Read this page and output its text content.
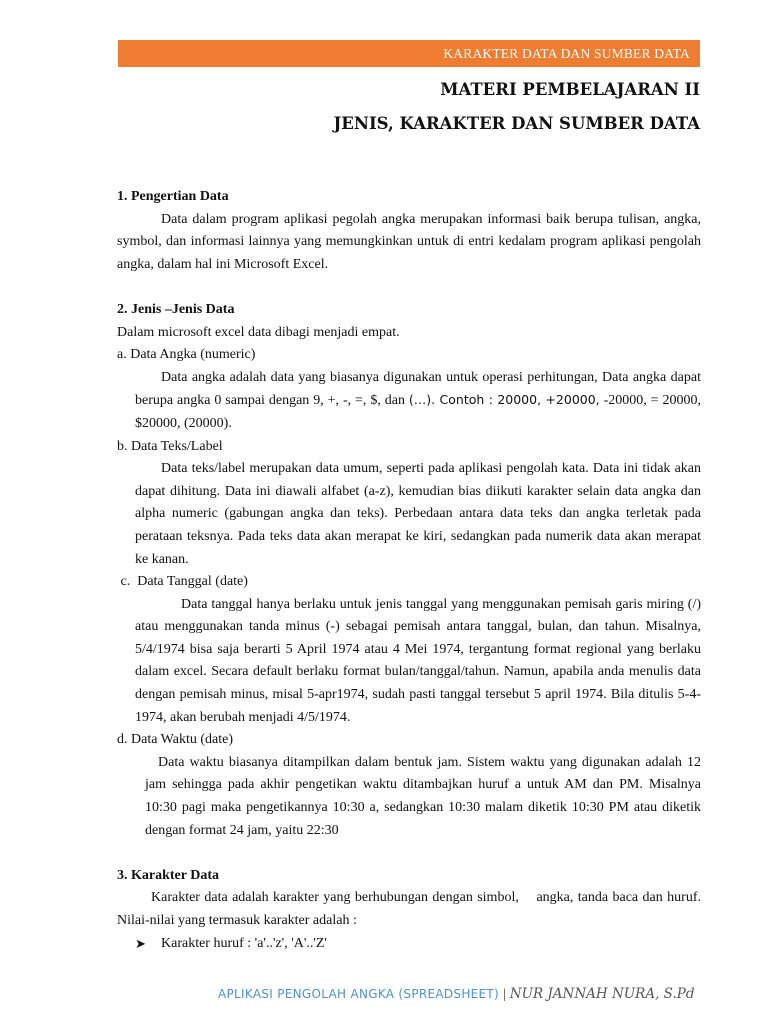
KARAKTER DATA DAN SUMBER DATA
MATERI PEMBELAJARAN II
JENIS, KARAKTER DAN SUMBER DATA

1. Pengertian Data

Data dalam program aplikasi pegolah angka merupakan informasi baik berupa tulisan, angka, symbol, dan informasi lainnya yang memungkinkan untuk di entri kedalam program aplikasi pengolah angka, dalam hal ini Microsoft Excel.

2. Jenis –Jenis Data

Dalam microsoft excel data dibagi menjadi empat.

a. Data Angka (numeric)

Data angka adalah data yang biasanya digunakan untuk operasi perhitungan, Data angka dapat berupa angka 0 sampai dengan 9, +, -, =, $, dan (…). Contoh : 20000, +20000, -20000, = 20000, $20000, (20000).

b. Data Teks/Label

Data teks/label merupakan data umum, seperti pada aplikasi pengolah kata. Data ini tidak akan dapat dihitung. Data ini diawali alfabet (a-z), kemudian bias diikuti karakter selain data angka dan alpha numeric (gabungan angka dan teks). Perbedaan antara data teks dan angka terletak pada perataan teksnya. Pada teks data akan merapat ke kiri, sedangkan pada numerik data akan merapat ke kanan.

c.  Data Tanggal (date)

Data tanggal hanya berlaku untuk jenis tanggal yang menggunakan pemisah garis miring (/) atau menggunakan tanda minus (-) sebagai pemisah antara tanggal, bulan, dan tahun. Misalnya, 5/4/1974 bisa saja berarti 5 April 1974 atau 4 Mei 1974, tergantung format regional yang berlaku dalam excel. Secara default berlaku format bulan/tanggal/tahun. Namun, apabila anda menulis data dengan pemisah minus, misal 5-apr1974, sudah pasti tanggal tersebut 5 april 1974. Bila ditulis 5-4-1974, akan berubah menjadi 4/5/1974.

d. Data Waktu (date)

Data waktu biasanya ditampilkan dalam bentuk jam. Sistem waktu yang digunakan adalah 12 jam sehingga pada akhir pengetikan waktu ditambajkan huruf a untuk AM dan PM. Misalnya 10:30 pagi maka pengetikannya 10:30 a, sedangkan 10:30 malam diketik 10:30 PM atau diketik dengan format 24 jam, yaitu 22:30

3. Karakter Data

Karakter data adalah karakter yang berhubungan dengan simbol,    angka, tanda baca dan huruf. Nilai-nilai yang termasuk karakter adalah :

➤	Karakter huruf : 'a'..'z', 'A'..'Z'
APLIKASI PENGOLAH ANGKA (SPREADSHEET) | NUR JANNAH NURA, S.Pd
